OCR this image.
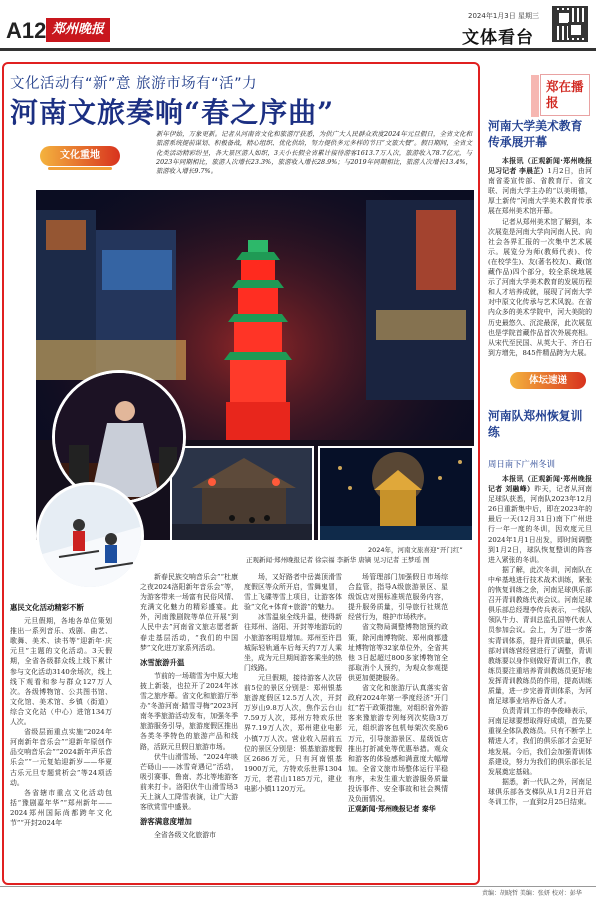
A12 郑州晚报
2024年1月3日 星期三
文体看台
文化活动有“新”意 旅游市场有“活”力
河南文旅奏响“春之序曲”
文化重地
新年伊始，万象更新。记者从河南省文化和旅游厅获悉，为供广大人民群众欢度2024年元旦假日，全省文化和旅游系统提前谋划、积极备战，精心组织、优化供给，努力提供多元多样的节日“文旅大餐”。假日期间，全省文化类活动精彩纷呈，各大景区游人如织，3天小长假全省累计接待游客1613.7万人次，旅游收入78.7亿元，与2023年同期相比，旅游人次增长23.3%，旅游收入增长28.9%；与2019年同期相比，旅游人次增长13.4%，旅游收入增长9.7%。
2024年，河南文旅喜迎“开门红”
正观新闻·郑州晚报记者 徐宗福 李新华 唐镝 见习记者 王梦瑶 图
惠民文化活动精彩不断

元旦假期，各地各单位策划推出一系列音乐、戏剧、曲艺、歌舞、美术、读书等“迎新年·庆元旦”主题的文化活动。3天假期，全省各级群众线上线下累计参与文化活动3140余场次，线上线下观看和参与群众127万人次。各级博物馆、公共图书馆、文化馆、美术馆、乡镇（街道）综合文化站（中心）进馆134万人次。

省级层面重点实施“2024年河南新年音乐会”“迎新年原创作品交响音乐会”“2024新年声乐音乐会”“一元复始迎新岁——华夏古乐元旦专题赏析会”等24项活动。

各省辖市重点文化活动包括“豫剧嘉年华”“郑州新年——2024郑州国际尚都跨年文化节”“开封2024年

新春民族交响音乐会”“杜康之夜2024洛阳新年音乐会”等，为游客带来一场富有民俗风情、充满文化魅力的精彩盛宴。此外，河南豫剧院等单位开展“到人民中去”河南省文旅志愿者新春走基层活动，“我们的中国梦”文化进万家系列活动。

冰雪旅游升温

节前的一场瑞雪为中原大地披上新装，也拉开了2024年冰雪之旅序幕。省文化和旅游厅举办“冬游河南·踏雪寻梅”2023河南冬季旅游活动发布，加强冬季旅游服务引导，旅游度假区推出各类冬季特色的旅游产品和线路，活跃元旦假日旅游市场。

伏牛山滑雪场、“2024年映芒砀山——冰雪奇遇记”活动，吸引赛事、鲁南、苏北等地游客前来打卡。洛阳伏牛山滑雪场3天上演人工降雪表演，让广大游客欣赏雪中盛景。

游客满意度增加

全省各级文化旅游市

场，又好路者中岳嵩顶滑雪度假区等众所开启，雪舞鬼冒，雪上飞碟等雪上项目，让游客体验“文化+体育+旅游”的魅力。

冰雪温泉全线升温，使得新往郑州、洛阳、开封等地游玩的小旅游客明显增加。郑州至许昌城际轻轨通车后每天约7万人乘坐，成为元旦期间游客乘坐的热门线路。

元旦假期，接待游客人次居前5位的景区分别是：郑州银基旅游度假区12.5万人次，开封万岁山9.8万人次，焦作云台山7.59万人次，郑州方特欢乐世界7.19万人次，郑州建业电影小镇7万人次。营业收入居前五位的景区分别是：银基旅游度假区2686万元，只有河南银基1900万元，方特欢乐世界1304万元，老君山1185万元，建业电影小镇1120万元。

场管理部门加强假日市场综合监管，指导A级旅游景区、星级饭店对照标准规范服务内容，提升服务质量，引导旅行社规范经营行为，维护市场秩序。

省文物局调整博物馆预约政策，除河南博物院、郑州商都遗址博物馆等32家单位外，全省其他 3日起超过800多家博物馆全部取消个人预约，为观众参观提供更加便捷服务。

省文化和旅游厅认真落实省政府2024年第一季度经济“开门红”若干政策措施，对组织省外游客来豫旅游专列每列次奖励3万元，组织游客包机每架次奖励6万元，引导旅游景区、星级饭店推出打折减免等优惠举措。观众和游客的体验感和满意度大幅增加。全省文旅市场整体运行平稳有序，未发生重大旅游服务质量投诉事件、安全事故和社会舆情及负面情况。

正观新闻·郑州晚报记者 秦华

郑在播报
河南大学美术教育传承展开幕

本报讯（正观新闻·郑州晚报见习记者 李晨芷）1月2日，由河南省委宣传部、省教育厅、省文联、河南大学主办的“以美明德，厚土新传”河南大学美术教育传承展在郑州美术馆开幕。

记者从郑州美术馆了解到，本次展览是河南大学向河南人民、向社会各界汇报的一次集中艺术展示。展览分为师(教师代表)、传(在校学生)、友(著名校友)、藏(馆藏作品)四个部分，较全系统地展示了河南大学美术教育的发展历程和人才培养成就，展现了河南大学对中原文化传承与艺术风貌。在省内众多的美术学院中，河大美院的历史最悠久、沉淀最深，此次展览也是学院首藏作品首次外展亮相。从宋代至民国、从英大于、齐白石到方增先，845件精品跨为大展。

体坛速递
河南队郑州恢复训练
周日南下广州冬训

本报讯（正观新闻·郑州晚报记者 刘融峰）昨天，记者从河南足球队获悉，河南队2023年12月26日重新集中后，即在2023年的最后一天(12月31日)南下广州进行一年一度的冬训，因欢度元旦2024年1月1日出发，即时间调整到1月2日，球队恢复整训的阵容进入紧张的冬训。

据了解，此次冬训，河南队在中牟基地进行技术战术训练，紧张的恢复训练之余，河南足球俱乐部召开青训教练代表会议。河南足球俱乐部总经理李传兵表示，一线队领队牛力、青训总监孔国等代表人员参加会议。会上，为了进一步落实青训体系，提升青训质量，俱乐部对训练营经营进行了调整，青训教练要以身作则做好青训工作，教练员要注重培养青训教练员更好地发挥青训教练员的作用，提高训练质量，进一步完善青训体系，为河南足球事业培养后备人才。

负责青训工作的李俊峰表示，河南足球要想取得好成绩，首先要重视全体队教练员。只有不断学上精进人才，我们的俱乐部才会更好地发展。今后，我们会加强青训体系建设，努力为我们的俱乐部长足发展奠定基础。

据悉，新一代队之外，河南足球俱乐部各支梯队从1月2日开启冬训工作，一直到2月25日结束。

责编：胡晓哲 美编：张妍 校对：彭华
